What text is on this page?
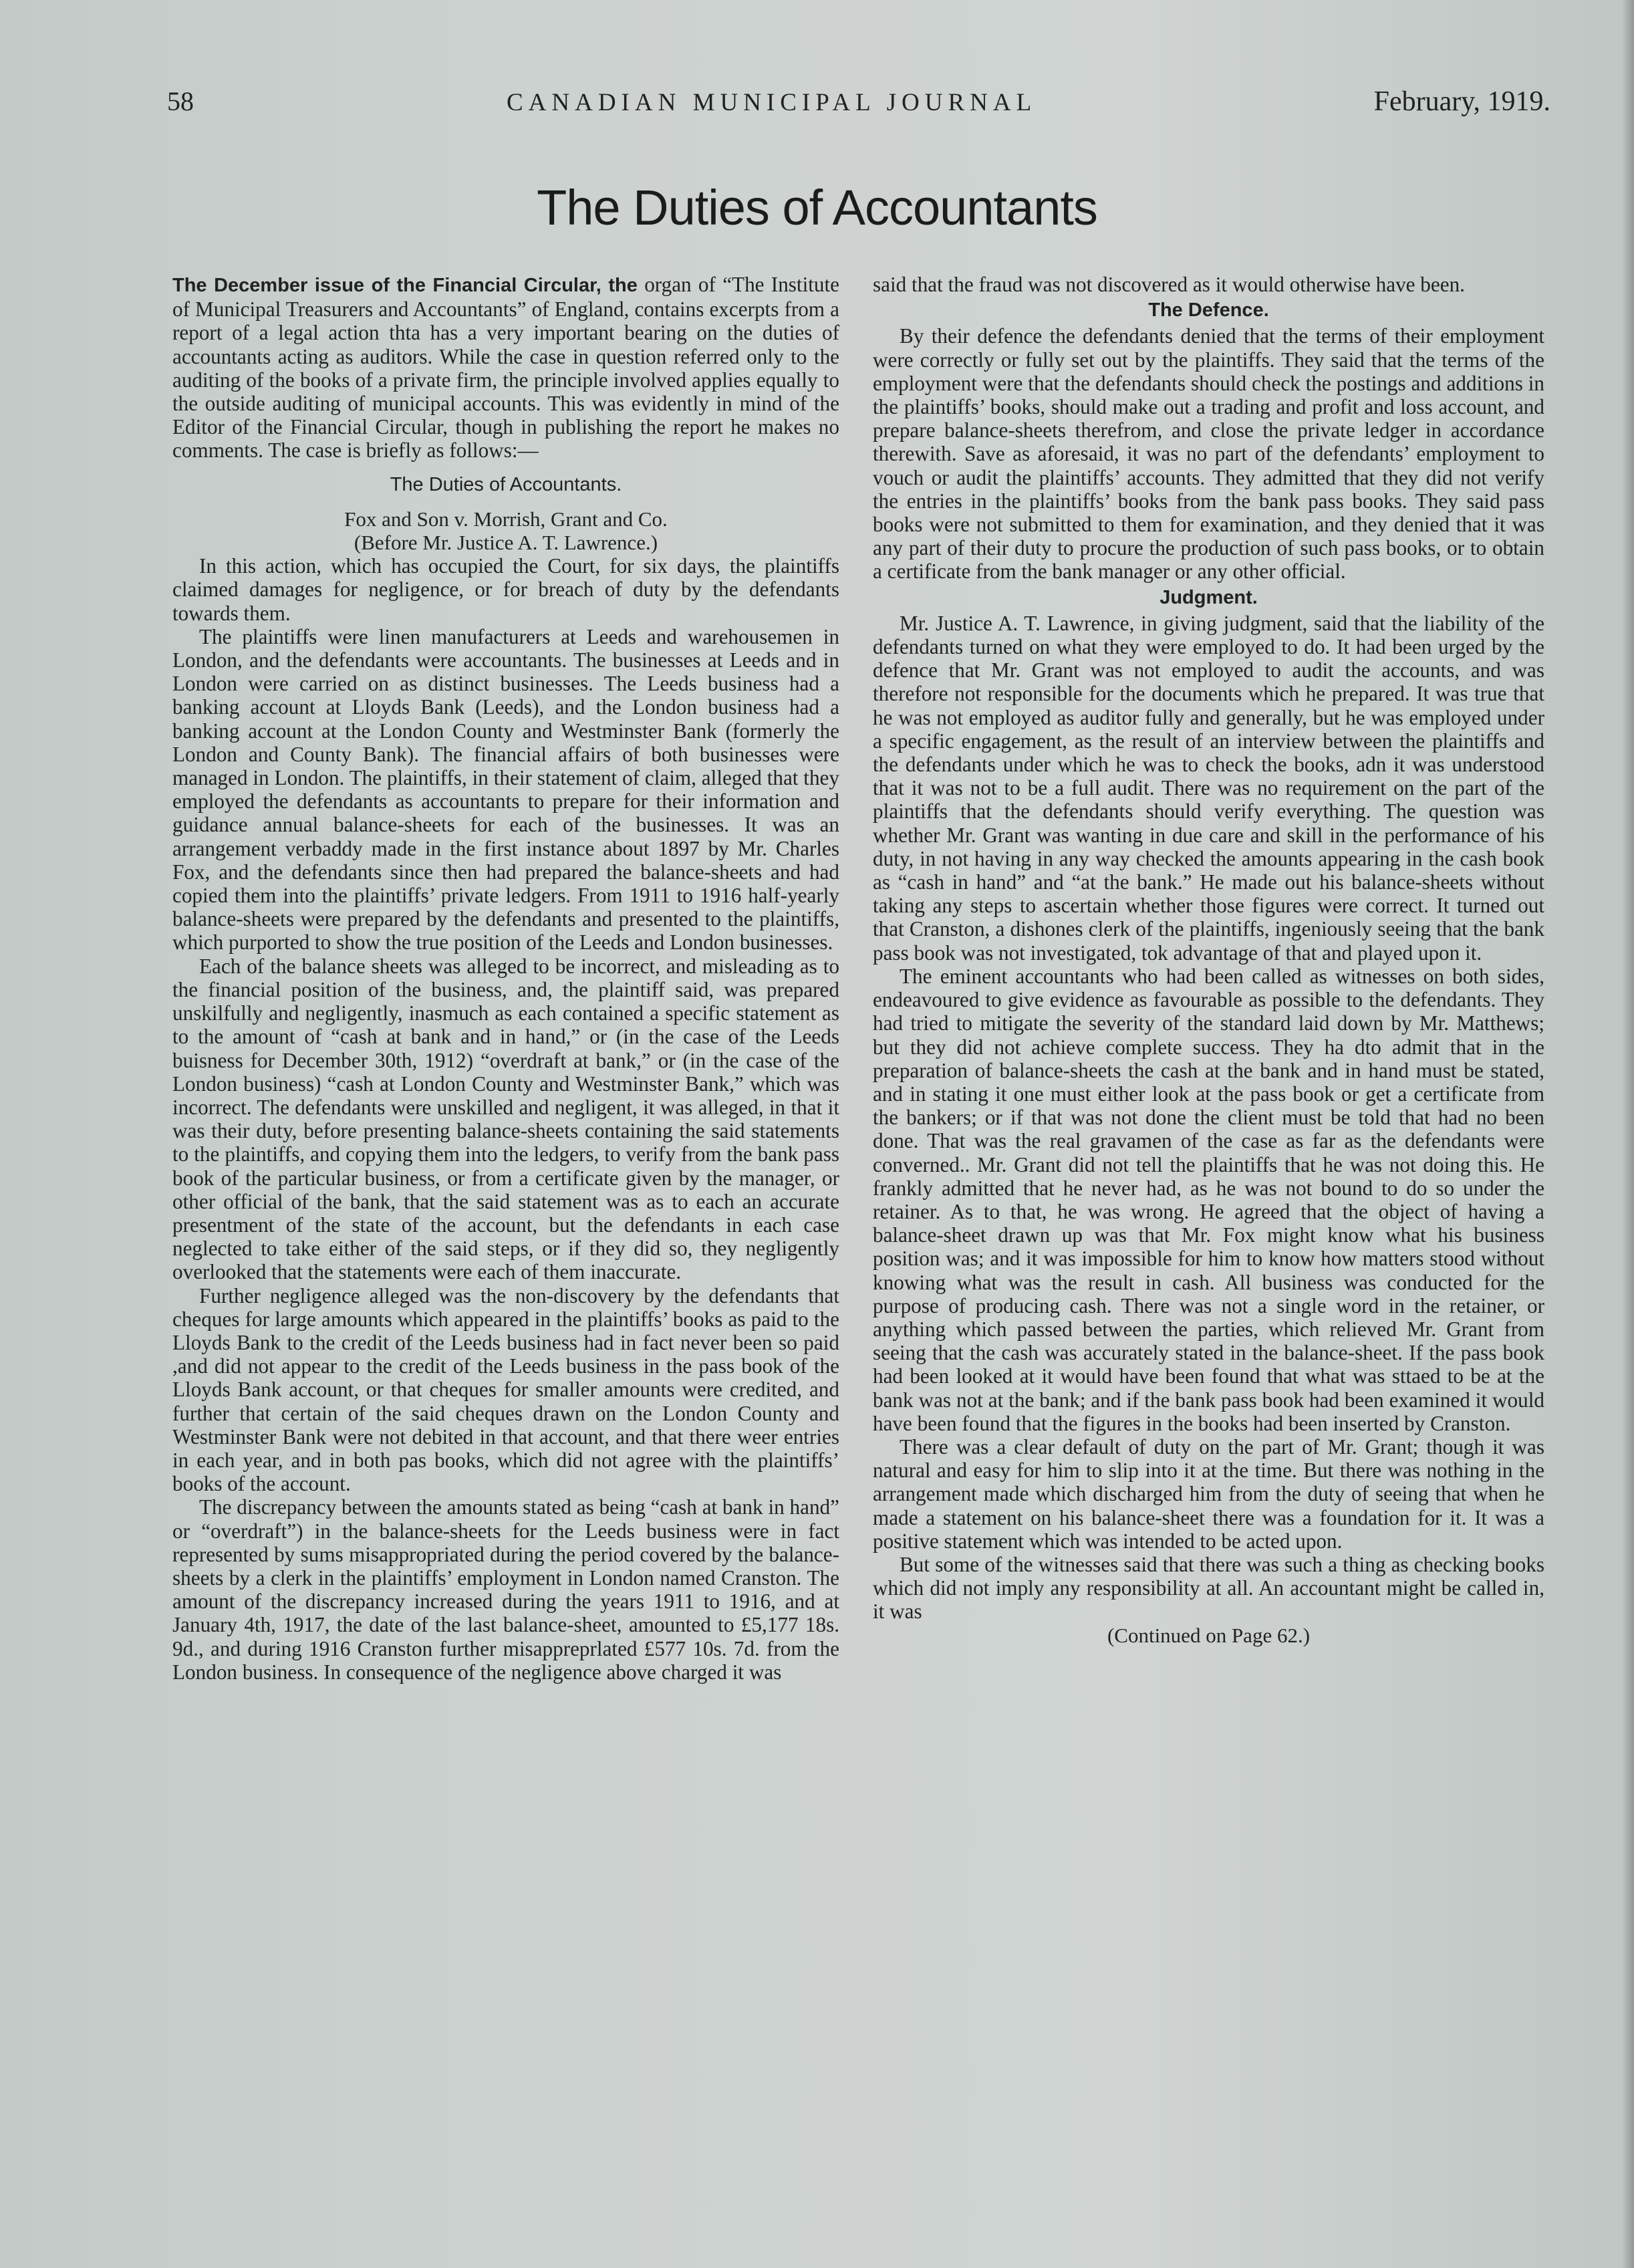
58	CANADIAN MUNICIPAL JOURNAL	February, 1919.
The Duties of Accountants

The December issue of the Financial Circular, the organ of “The Institute of Municipal Treasurers and Accountants” of England, contains excerpts from a report of a legal action thta has a very important bearing on the duties of accountants acting as auditors. While the case in question referred only to the auditing of the books of a private firm, the principle involved applies equally to the outside auditing of municipal accounts. This was evidently in mind of the Editor of the Financial Circular, though in publishing the report he makes no comments. The case is briefly as follows:—

The Duties of Accountants.
Fox and Son v. Morrish, Grant and Co.
(Before Mr. Justice A. T. Lawrence.)

In this action, which has occupied the Court, for six days, the plaintiffs claimed damages for negligence, or for breach of duty by the defendants towards them.

The plaintiffs were linen manufacturers at Leeds and warehousemen in London, and the defendants were accountants. The businesses at Leeds and in London were carried on as distinct businesses. The Leeds business had a banking account at Lloyds Bank (Leeds), and the London business had a banking account at the London County and Westminster Bank (formerly the London and County Bank). The financial affairs of both businesses were managed in London. The plaintiffs, in their statement of claim, alleged that they employed the defendants as accountants to prepare for their information and guidance annual balance-sheets for each of the businesses. It was an arrangement verbaddy made in the first instance about 1897 by Mr. Charles Fox, and the defendants since then had prepared the balance-sheets and had copied them into the plaintiffs’ private ledgers. From 1911 to 1916 half-yearly balance-sheets were prepared by the defendants and presented to the plaintiffs, which purported to show the true position of the Leeds and London businesses.

Each of the balance sheets was alleged to be incorrect, and misleading as to the financial position of the business, and, the plaintiff said, was prepared unskilfully and negligently, inasmuch as each contained a specific statement as to the amount of “cash at bank and in hand,” or (in the case of the Leeds buisness for December 30th, 1912) “overdraft at bank,” or (in the case of the London business) “cash at London County and Westminster Bank,” which was incorrect. The defendants were unskilled and negligent, it was alleged, in that it was their duty, before presenting balance-sheets containing the said statements to the plaintiffs, and copying them into the ledgers, to verify from the bank pass book of the particular business, or from a certificate given by the manager, or other official of the bank, that the said statement was as to each an accurate presentment of the state of the account, but the defendants in each case neglected to take either of the said steps, or if they did so, they negligently overlooked that the statements were each of them inaccurate.

Further negligence alleged was the non-discovery by the defendants that cheques for large amounts which appeared in the plaintiffs’ books as paid to the Lloyds Bank to the credit of the Leeds business had in fact never been so paid ,and did not appear to the credit of the Leeds business in the pass book of the Lloyds Bank account, or that cheques for smaller amounts were credited, and further that certain of the said cheques drawn on the London County and Westminster Bank were not debited in that account, and that there weer entries in each year, and in both pas books, which did not agree with the plaintiffs’ books of the account.

The discrepancy between the amounts stated as being “cash at bank in hand” or “overdraft”) in the balance-sheets for the Leeds business were in fact represented by sums misappropriated during the period covered by the balance-sheets by a clerk in the plaintiffs’ employment in London named Cranston. The amount of the discrepancy increased during the years 1911 to 1916, and at January 4th, 1917, the date of the last balance-sheet, amounted to £5,177 18s. 9d., and during 1916 Cranston further misappreprlated £577 10s. 7d. from the London business. In consequence of the negligence above charged it was

said that the fraud was not discovered as it would otherwise have been.

The Defence.

By their defence the defendants denied that the terms of their employment were correctly or fully set out by the plaintiffs. They said that the terms of the employment were that the defendants should check the postings and additions in the plaintiffs’ books, should make out a trading and profit and loss account, and prepare balance-sheets therefrom, and close the private ledger in accordance therewith. Save as aforesaid, it was no part of the defendants’ employment to vouch or audit the plaintiffs’ accounts. They admitted that they did not verify the entries in the plaintiffs’ books from the bank pass books. They said pass books were not submitted to them for examination, and they denied that it was any part of their duty to procure the production of such pass books, or to obtain a certificate from the bank manager or any other official.

Judgment.

Mr. Justice A. T. Lawrence, in giving judgment, said that the liability of the defendants turned on what they were employed to do. It had been urged by the defence that Mr. Grant was not employed to audit the accounts, and was therefore not responsible for the documents which he prepared. It was true that he was not employed as auditor fully and generally, but he was employed under a specific engagement, as the result of an interview between the plaintiffs and the defendants under which he was to check the books, adn it was understood that it was not to be a full audit. There was no requirement on the part of the plaintiffs that the defendants should verify everything. The question was whether Mr. Grant was wanting in due care and skill in the performance of his duty, in not having in any way checked the amounts appearing in the cash book as “cash in hand” and “at the bank.” He made out his balance-sheets without taking any steps to ascertain whether those figures were correct. It turned out that Cranston, a dishones clerk of the plaintiffs, ingeniously seeing that the bank pass book was not investigated, tok advantage of that and played upon it.

The eminent accountants who had been called as witnesses on both sides, endeavoured to give evidence as favourable as possible to the defendants. They had tried to mitigate the severity of the standard laid down by Mr. Matthews; but they did not achieve complete success. They ha dto admit that in the preparation of balance-sheets the cash at the bank and in hand must be stated, and in stating it one must either look at the pass book or get a certificate from the bankers; or if that was not done the client must be told that had no been done. That was the real gravamen of the case as far as the defendants were converned.. Mr. Grant did not tell the plaintiffs that he was not doing this. He frankly admitted that he never had, as he was not bound to do so under the retainer. As to that, he was wrong. He agreed that the object of having a balance-sheet drawn up was that Mr. Fox might know what his business position was; and it was impossible for him to know how matters stood without knowing what was the result in cash. All business was conducted for the purpose of producing cash. There was not a single word in the retainer, or anything which passed between the parties, which relieved Mr. Grant from seeing that the cash was accurately stated in the balance-sheet. If the pass book had been looked at it would have been found that what was sttaed to be at the bank was not at the bank; and if the bank pass book had been examined it would have been found that the figures in the books had been inserted by Cranston.

There was a clear default of duty on the part of Mr. Grant; though it was natural and easy for him to slip into it at the time. But there was nothing in the arrangement made which discharged him from the duty of seeing that when he made a statement on his balance-sheet there was a foundation for it. It was a positive statement which was intended to be acted upon.

But some of the witnesses said that there was such a thing as checking books which did not imply any responsibility at all. An accountant might be called in, it was

(Continued on Page 62.)
